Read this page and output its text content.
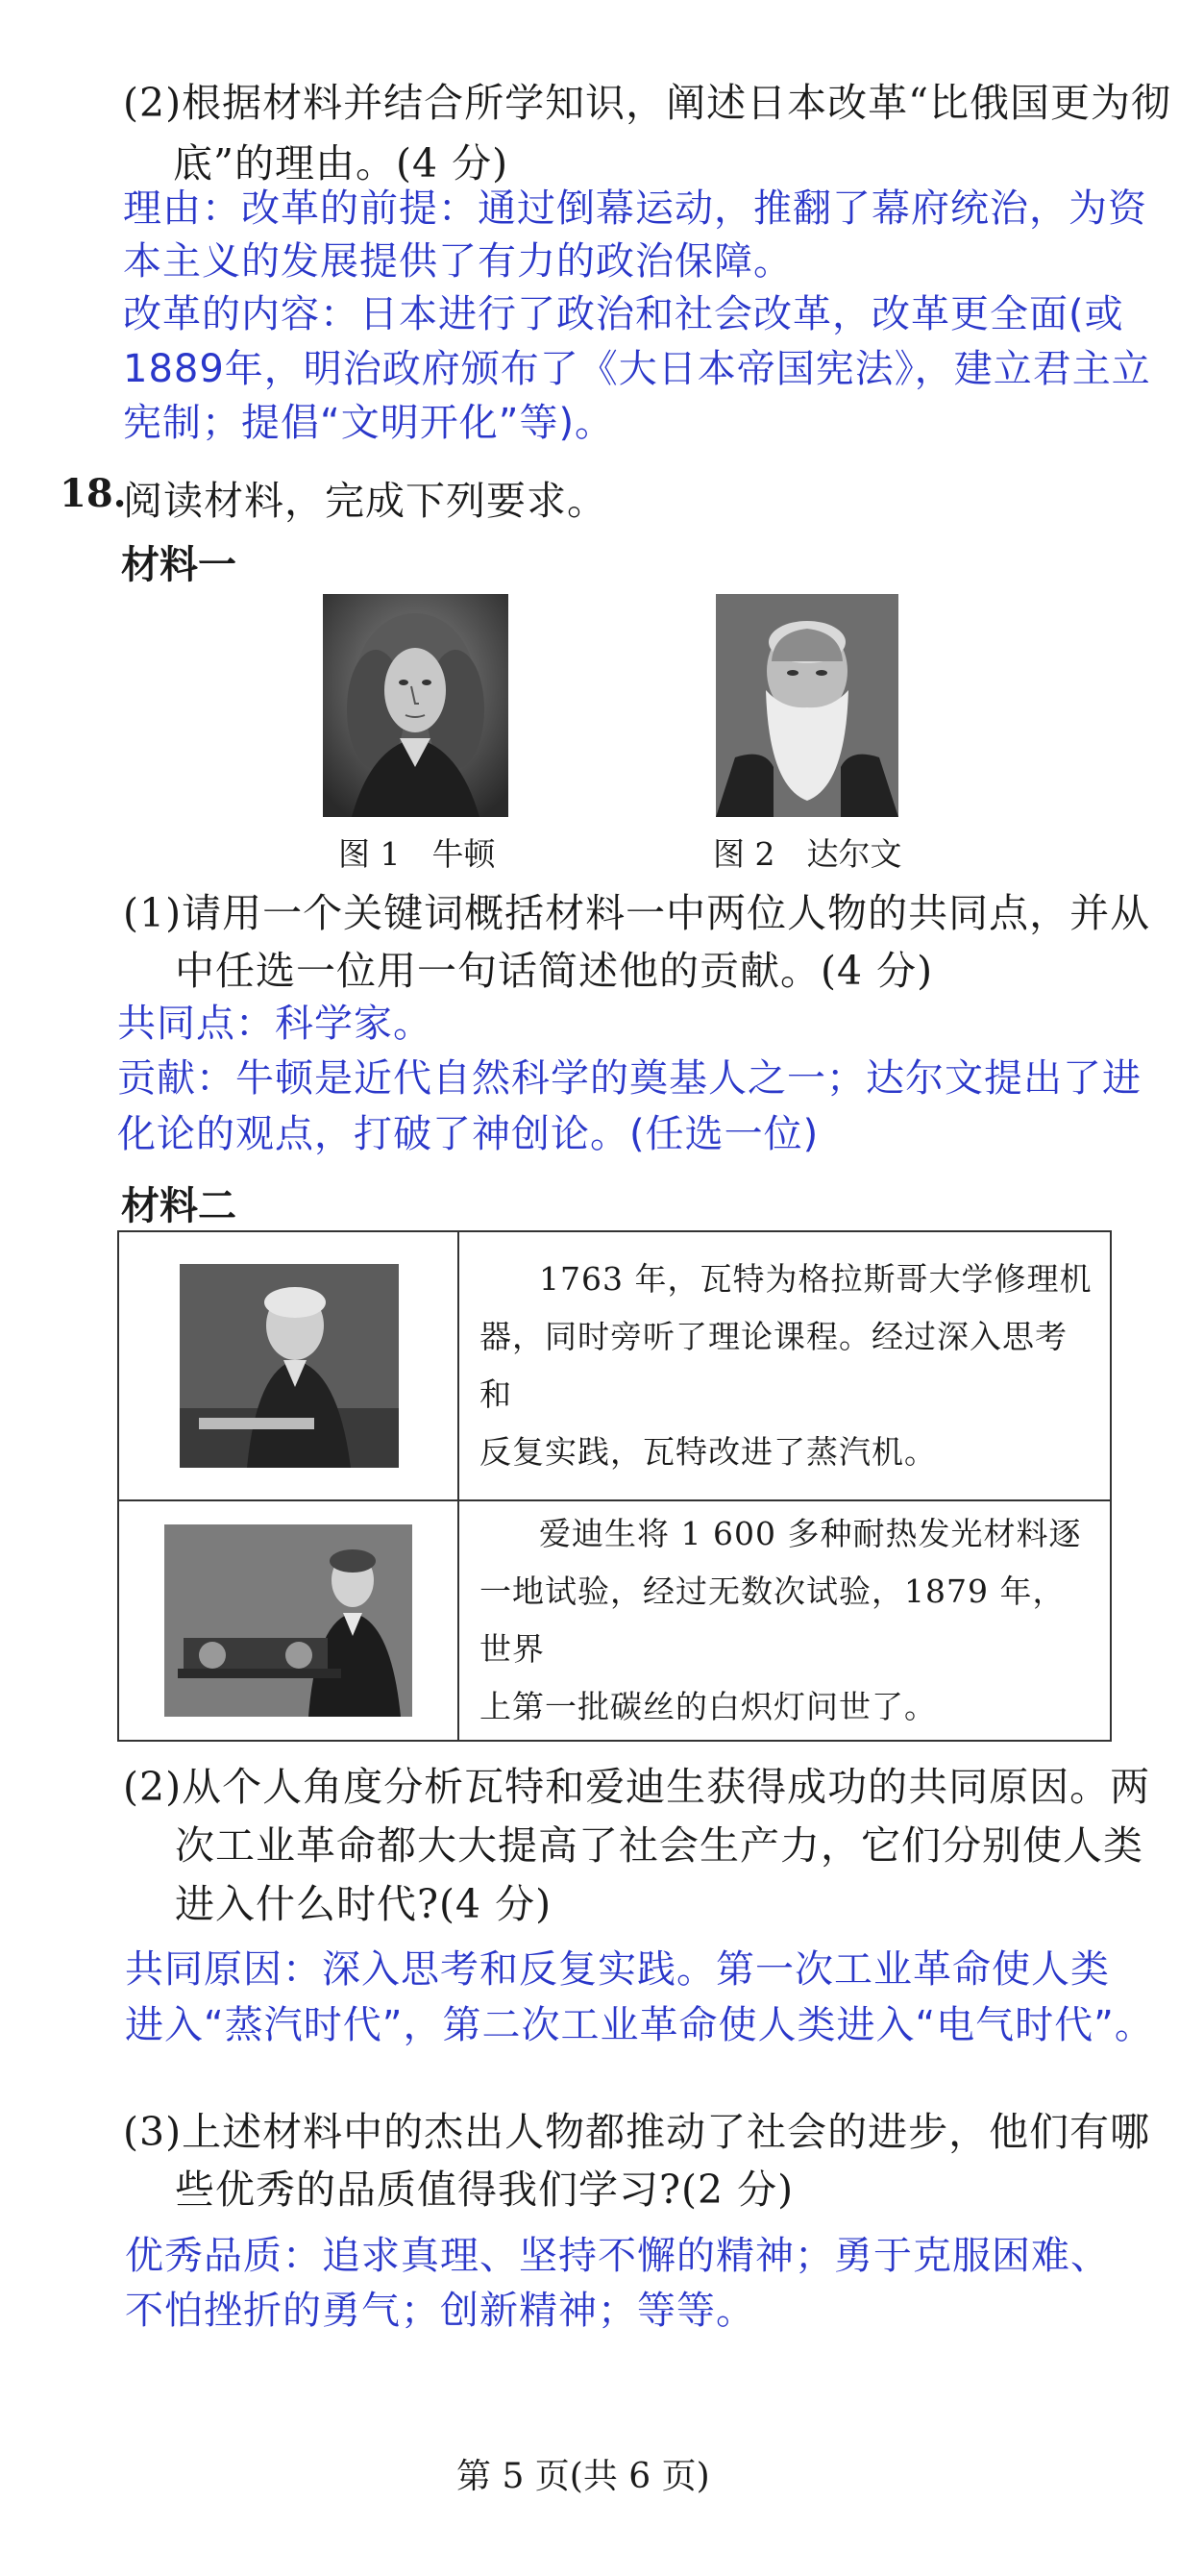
(2)根据材料并结合所学知识，阐述日本改革“比俄国更为彻
底”的理由。(4 分)
理由：改革的前提：通过倒幕运动，推翻了幕府统治，为资
本主义的发展提供了有力的政治保障。
改革的内容：日本进行了政治和社会改革，改革更全面(或
1889年，明治政府颁布了《大日本帝国宪法》，建立君主立
宪制；提倡“文明开化”等)。
18.
阅读材料，完成下列要求。
材料一
图 1　牛顿	图 2　达尔文
(1)请用一个关键词概括材料一中两位人物的共同点，并从
中任选一位用一句话简述他的贡献。(4 分)
共同点：科学家。
贡献：牛顿是近代自然科学的奠基人之一；达尔文提出了进
化论的观点，打破了神创论。(任选一位)
材料二

1763 年，瓦特为格拉斯哥大学修理机
器，同时旁听了理论课程。经过深入思考和
反复实践，瓦特改进了蒸汽机。

爱迪生将 1 600 多种耐热发光材料逐
一地试验，经过无数次试验，1879 年，世界
上第一批碳丝的白炽灯问世了。
(2)从个人角度分析瓦特和爱迪生获得成功的共同原因。两
次工业革命都大大提高了社会生产力，它们分别使人类
进入什么时代?(4 分)
共同原因：深入思考和反复实践。第一次工业革命使人类
进入“蒸汽时代”，第二次工业革命使人类进入“电气时代”。
(3)上述材料中的杰出人物都推动了社会的进步，他们有哪
些优秀的品质值得我们学习?(2 分)
优秀品质：追求真理、坚持不懈的精神；勇于克服困难、
不怕挫折的勇气；创新精神；等等。
第 5 页(共 6 页)
